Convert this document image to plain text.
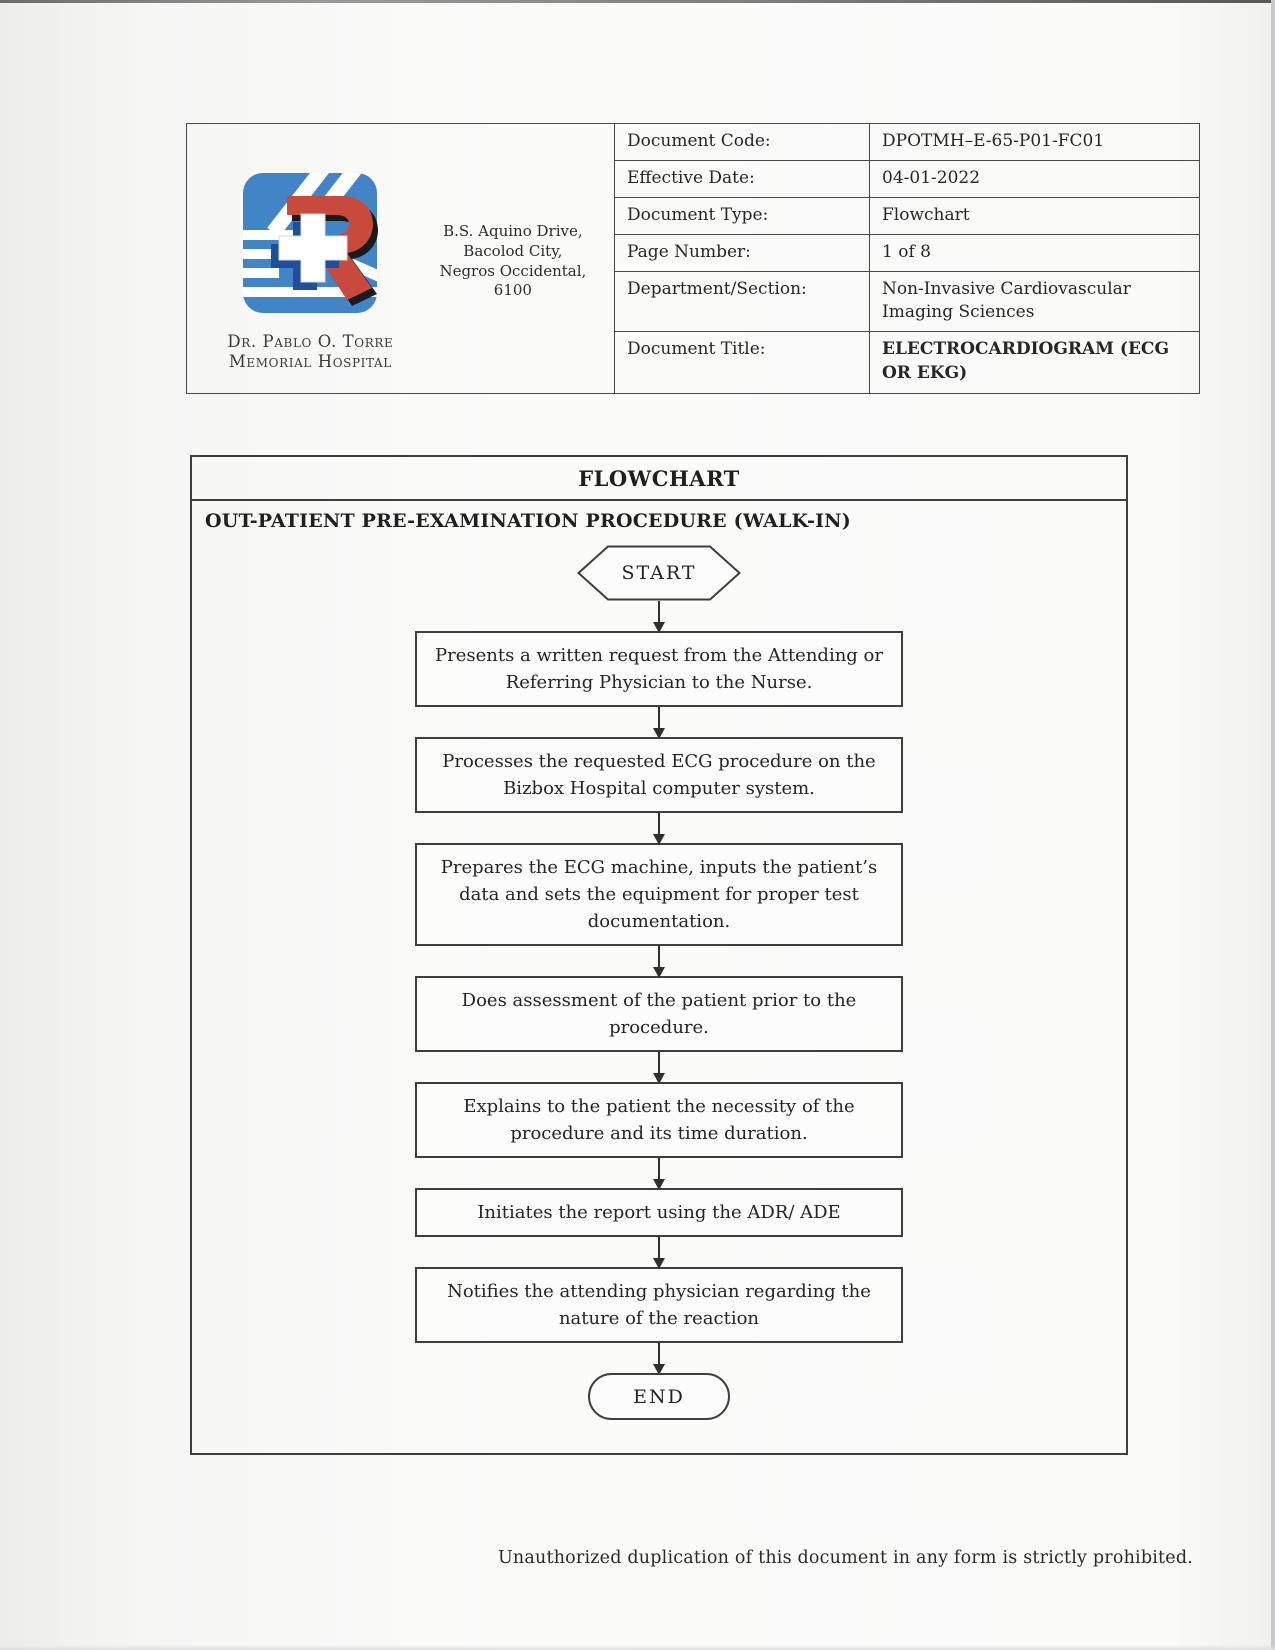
Dr. Pablo O. Torre
Memorial Hospital
B.S. Aquino Drive,
Bacolod City,
Negros Occidental,
6100
	Document Code:	DPOTMH–E-65-P01-FC01
	Effective Date:	04-01-2022
	Document Type:	Flowchart
	Page Number:	1 of 8
	Department/Section:	Non-Invasive Cardiovascular Imaging Sciences
	Document Title:	ELECTROCARDIOGRAM (ECG OR EKG)
FLOWCHART
OUT-PATIENT PRE-EXAMINATION PROCEDURE (WALK-IN)
START
Presents a written request from the Attending or Referring Physician to the Nurse.
Processes the requested ECG procedure on the Bizbox Hospital computer system.
Prepares the ECG machine, inputs the patient’s data and sets the equipment for proper test documentation.
Does assessment of the patient prior to the procedure.
Explains to the patient the necessity of the procedure and its time duration.
Initiates the report using the ADR/ ADE
Notifies the attending physician regarding the nature of the reaction
END
Unauthorized duplication of this document in any form is strictly prohibited.
